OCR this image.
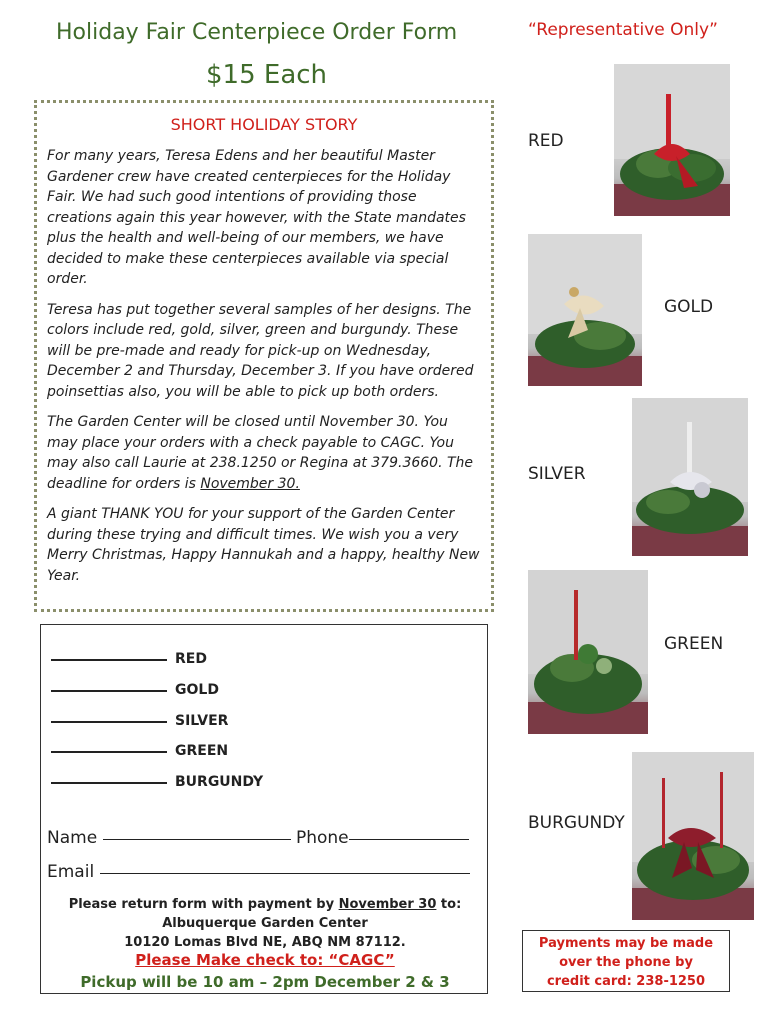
Holiday Fair Centerpiece Order Form	“Representative Only”
$15 Each
SHORT HOLIDAY STORY

For many years, Teresa Edens and her beautiful Master Gardener crew have created centerpieces for the Holiday Fair. We had such good intentions of providing those creations again this year however, with the State mandates plus the health and well-being of our members, we have decided to make these centerpieces available via special order.

Teresa has put together several samples of her designs. The colors include red, gold, silver, green and burgundy. These will be pre-made and ready for pick-up on Wednesday, December 2 and Thursday, December 3. If you have ordered poinsettias also, you will be able to pick up both orders.

The Garden Center will be closed until November 30. You may place your orders with a check payable to CAGC. You may also call Laurie at 238.1250 or Regina at 379.3660. The deadline for orders is November 30.

A giant THANK YOU for your support of the Garden Center during these trying and difficult times. We wish you a very Merry Christmas, Happy Hannukah and a happy, healthy New Year.

RED
GOLD
SILVER
GREEN
BURGUNDY
Name	Phone
Email
Please return form with payment by November 30 to:
Albuquerque Garden Center
10120 Lomas Blvd NE, ABQ NM 87112.
Please Make check to: “CAGC”
Pickup will be 10 am – 2pm December 2 & 3
RED
GOLD
SILVER
GREEN
BURGUNDY
Payments may be made
over the phone by
credit card: 238-1250
